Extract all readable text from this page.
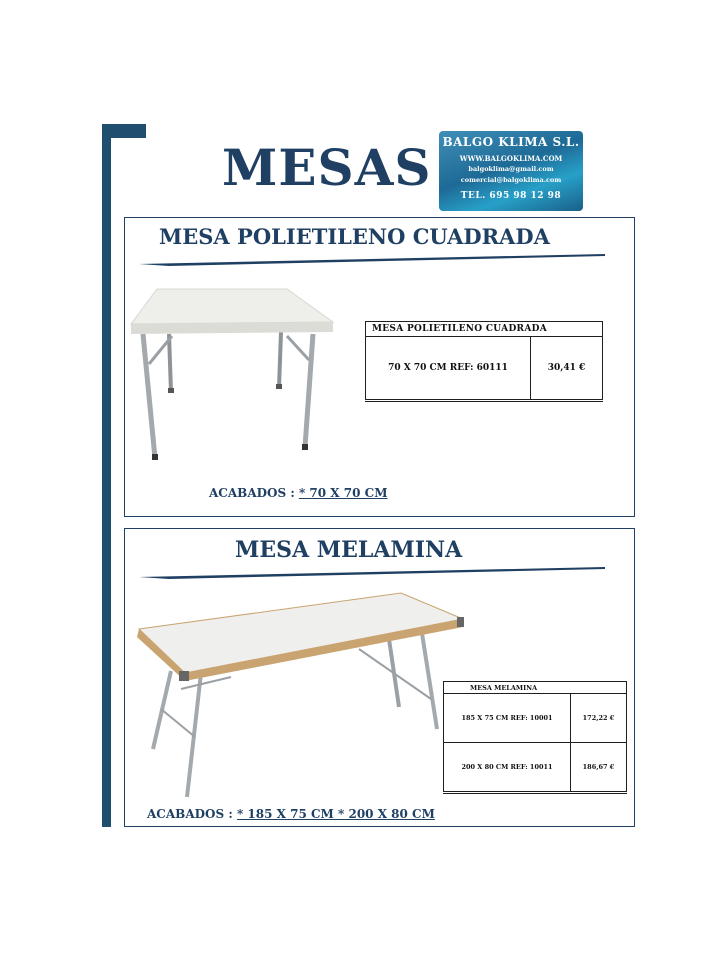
MESAS BALGO KLIMA S.L.
WWW.BALGOKLIMA.COM
balgoklima@gmail.com
comercial@balgoklima.com
TEL. 695 98 12 98
MESA POLIETILENO CUADRADA
MESA POLIETILENO CUADRADA
70 X 70 CM REF: 60111	30,41 €
ACABADOS : * 70 X 70 CM
MESA MELAMINA
MESA MELAMINA	
185 X 75 CM REF: 10001	172,22 €
200 X 80 CM REF: 10011	186,67 €
ACABADOS : * 185 X 75 CM * 200 X 80 CM
